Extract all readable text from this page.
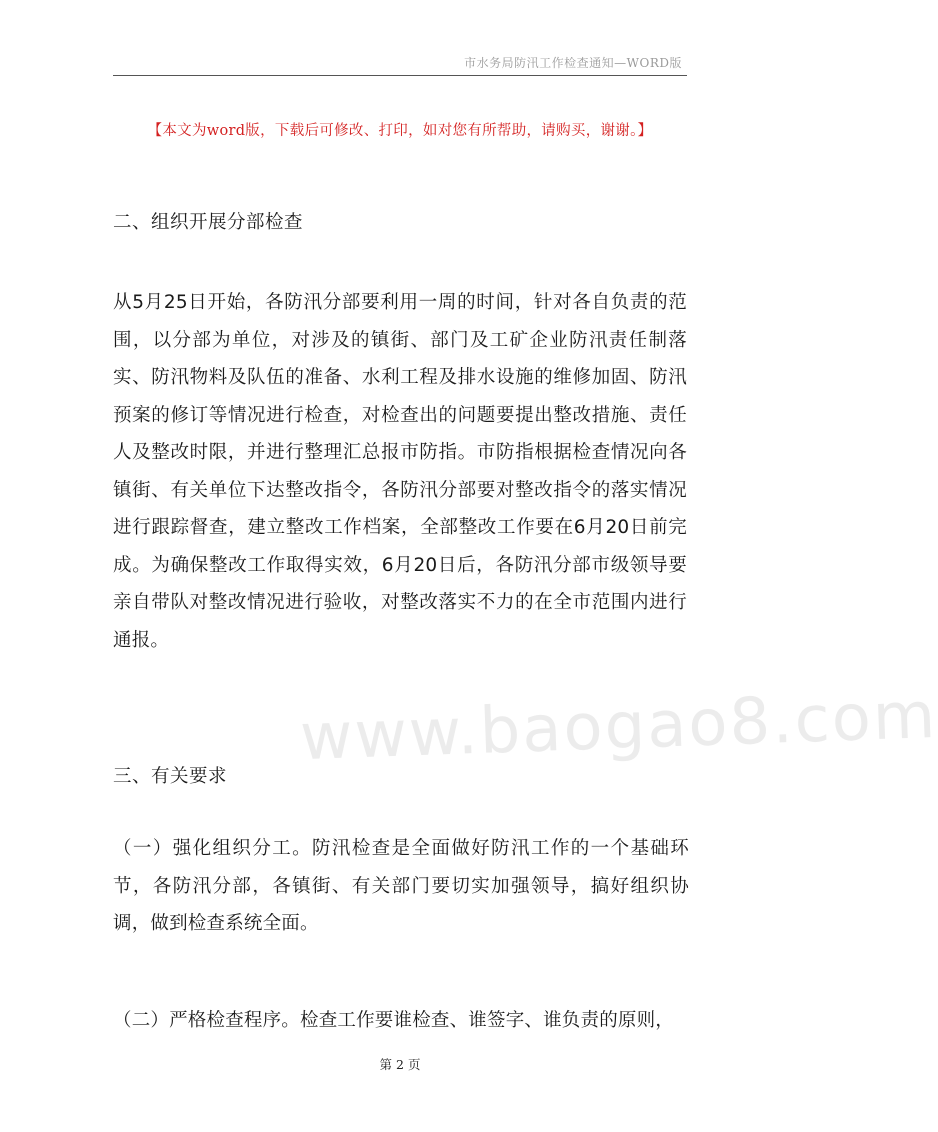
市水务局防汛工作检查通知—WORD版
【本文为word版，下载后可修改、打印，如对您有所帮助，请购买，谢谢。】
二、组织开展分部检查
从5月25日开始，各防汛分部要利用一周的时间，针对各自负责的范围，以分部为单位，对涉及的镇街、部门及工矿企业防汛责任制落实、防汛物料及队伍的准备、水利工程及排水设施的维修加固、防汛预案的修订等情况进行检查，对检查出的问题要提出整改措施、责任人及整改时限，并进行整理汇总报市防指。市防指根据检查情况向各镇街、有关单位下达整改指令，各防汛分部要对整改指令的落实情况进行跟踪督查，建立整改工作档案，全部整改工作要在6月20日前完成。为确保整改工作取得实效，6月20日后，各防汛分部市级领导要亲自带队对整改情况进行验收，对整改落实不力的在全市范围内进行通报。
三、有关要求
（一）强化组织分工。防汛检查是全面做好防汛工作的一个基础环节，各防汛分部，各镇街、有关部门要切实加强领导，搞好组织协调，做到检查系统全面。
（二）严格检查程序。检查工作要谁检查、谁签字、谁负责的原则，
www.baogao8.com
第 2 页
